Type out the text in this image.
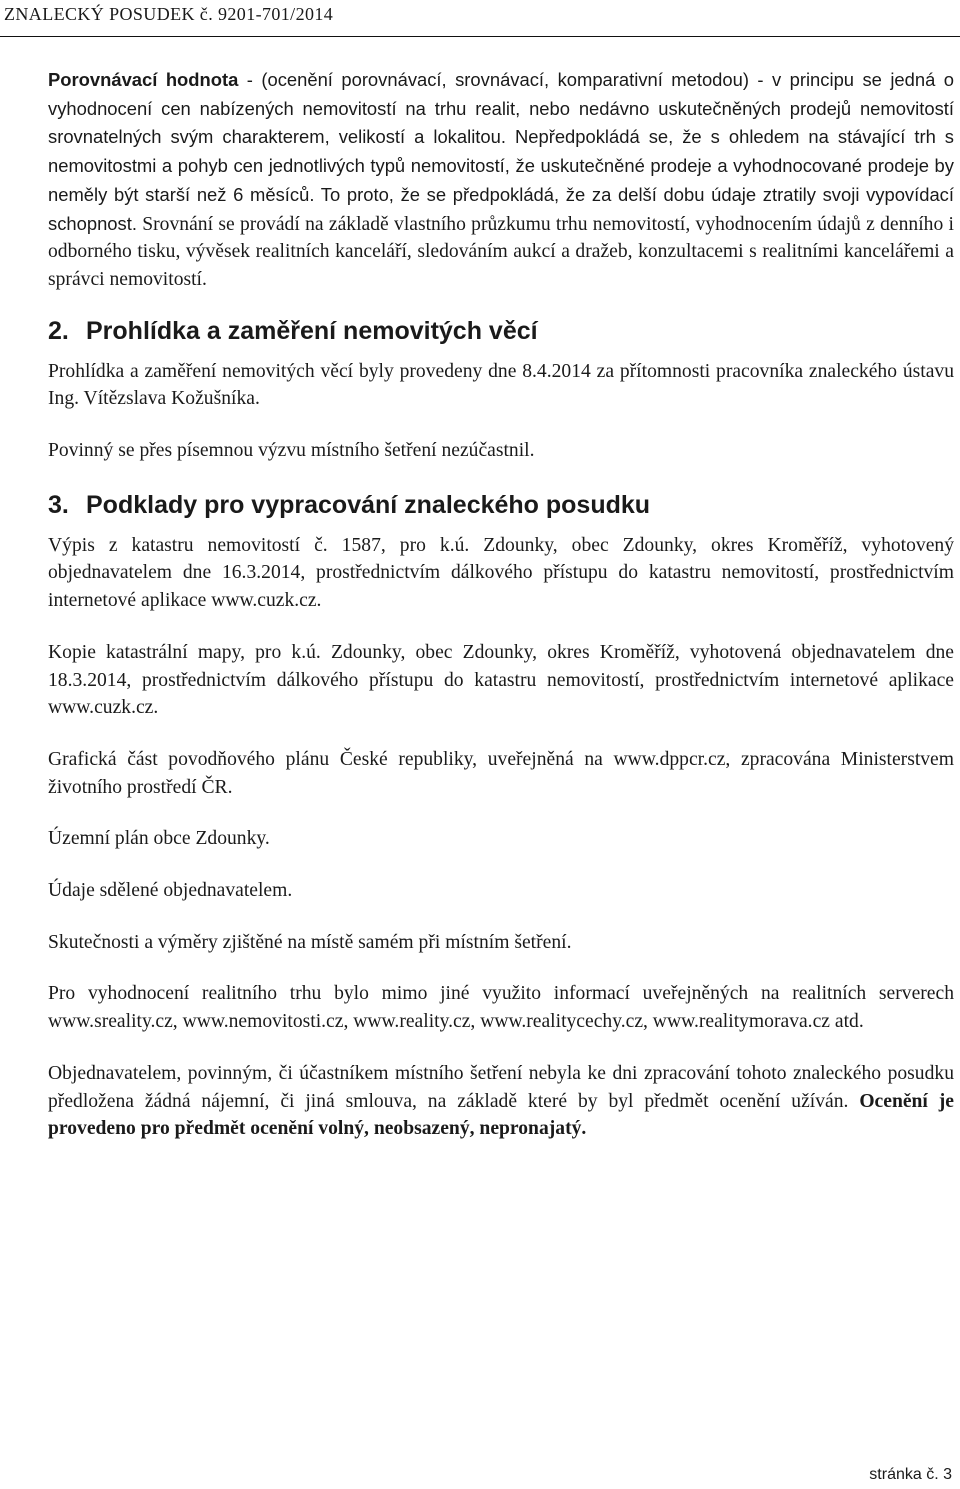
ZNALECKÝ POSUDEK č. 9201-701/2014

Porovnávací hodnota - (ocenění porovnávací, srovnávací, komparativní metodou) - v principu se jedná o vyhodnocení cen nabízených nemovitostí na trhu realit, nebo nedávno uskutečněných prodejů nemovitostí srovnatelných svým charakterem, velikostí a lokalitou. Nepředpokládá se, že s ohledem na stávající trh s nemovitostmi a pohyb cen jednotlivých typů nemovitostí, že uskutečněné prodeje a vyhodnocované prodeje by neměly být starší než 6 měsíců. To proto, že se předpokládá, že za delší dobu údaje ztratily svoji vypovídací schopnost. Srovnání se provádí na základě vlastního průzkumu trhu nemovitostí, vyhodnocením údajů z denního i odborného tisku, vývěsek realitních kanceláří, sledováním aukcí a dražeb, konzultacemi s realitními kancelářemi a správci nemovitostí.

2. Prohlídka a zaměření nemovitých věcí

Prohlídka a zaměření nemovitých věcí byly provedeny dne 8.4.2014 za přítomnosti pracovníka znaleckého ústavu Ing. Vítězslava Kožušníka.

Povinný se přes písemnou výzvu místního šetření nezúčastnil.

3. Podklady pro vypracování znaleckého posudku

Výpis z katastru nemovitostí č. 1587, pro k.ú. Zdounky, obec Zdounky, okres Kroměříž, vyhotovený objednavatelem dne 16.3.2014, prostřednictvím dálkového přístupu do katastru nemovitostí, prostřednictvím internetové aplikace www.cuzk.cz.

Kopie katastrální mapy, pro k.ú. Zdounky, obec Zdounky, okres Kroměříž, vyhotovená objednavatelem dne 18.3.2014, prostřednictvím dálkového přístupu do katastru nemovitostí, prostřednictvím internetové aplikace www.cuzk.cz.

Grafická část povodňového plánu České republiky, uveřejněná na www.dppcr.cz, zpracována Ministerstvem životního prostředí ČR.

Územní plán obce Zdounky.

Údaje sdělené objednavatelem.

Skutečnosti a výměry zjištěné na místě samém při místním šetření.

Pro vyhodnocení realitního trhu bylo mimo jiné využito informací uveřejněných na realitních serverech www.sreality.cz, www.nemovitosti.cz, www.reality.cz, www.realitycechy.cz, www.realitymorava.cz atd.

Objednavatelem, povinným, či účastníkem místního šetření nebyla ke dni zpracování tohoto znaleckého posudku předložena žádná nájemní, či jiná smlouva, na základě které by byl předmět ocenění užíván. Ocenění je provedeno pro předmět ocenění volný, neobsazený, nepronajatý.

stránka č. 3
